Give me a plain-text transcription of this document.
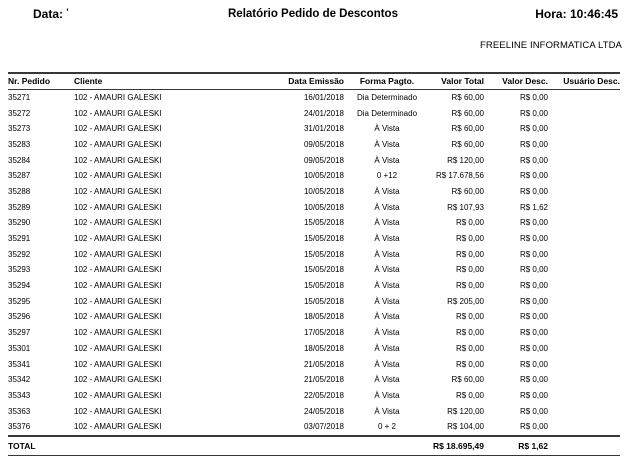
Data: '	Relatório Pedido de Descontos	Hora: 10:46:45
FREELINE INFORMATICA LTDA
Nr. Pedido	Cliente	Data Emissão	Forma Pagto.	Valor Total	Valor Desc.	Usuário Desc.
35271	102 - AMAURI GALESKI	16/01/2018	Dia Determinado	R$ 60,00	R$ 0,00	
35272	102 - AMAURI GALESKI	24/01/2018	Dia Determinado	R$ 60,00	R$ 0,00	
35273	102 - AMAURI GALESKI	31/01/2018	À Vista	R$ 60,00	R$ 0,00	
35283	102 - AMAURI GALESKI	09/05/2018	À Vista	R$ 60,00	R$ 0,00	
35284	102 - AMAURI GALESKI	09/05/2018	À Vista	R$ 120,00	R$ 0,00	
35287	102 - AMAURI GALESKI	10/05/2018	0 +12	R$ 17.678,56	R$ 0,00	
35288	102 - AMAURI GALESKI	10/05/2018	À Vista	R$ 60,00	R$ 0,00	
35289	102 - AMAURI GALESKI	10/05/2018	À Vista	R$ 107,93	R$ 1,62	
35290	102 - AMAURI GALESKI	15/05/2018	À Vista	R$ 0,00	R$ 0,00	
35291	102 - AMAURI GALESKI	15/05/2018	À Vista	R$ 0,00	R$ 0,00	
35292	102 - AMAURI GALESKI	15/05/2018	À Vista	R$ 0,00	R$ 0,00	
35293	102 - AMAURI GALESKI	15/05/2018	À Vista	R$ 0,00	R$ 0,00	
35294	102 - AMAURI GALESKI	15/05/2018	À Vista	R$ 0,00	R$ 0,00	
35295	102 - AMAURI GALESKI	15/05/2018	À Vista	R$ 205,00	R$ 0,00	
35296	102 - AMAURI GALESKI	18/05/2018	À Vista	R$ 0,00	R$ 0,00	
35297	102 - AMAURI GALESKI	17/05/2018	À Vista	R$ 0,00	R$ 0,00	
35301	102 - AMAURI GALESKI	18/05/2018	À Vista	R$ 0,00	R$ 0,00	
35341	102 - AMAURI GALESKI	21/05/2018	À Vista	R$ 0,00	R$ 0,00	
35342	102 - AMAURI GALESKI	21/05/2018	À Vista	R$ 60,00	R$ 0,00	
35343	102 - AMAURI GALESKI	22/05/2018	À Vista	R$ 0,00	R$ 0,00	
35363	102 - AMAURI GALESKI	24/05/2018	À Vista	R$ 120,00	R$ 0,00	
35376	102 - AMAURI GALESKI	03/07/2018	0 + 2	R$ 104,00	R$ 0,00	
TOTAL				R$ 18.695,49	R$ 1,62	
